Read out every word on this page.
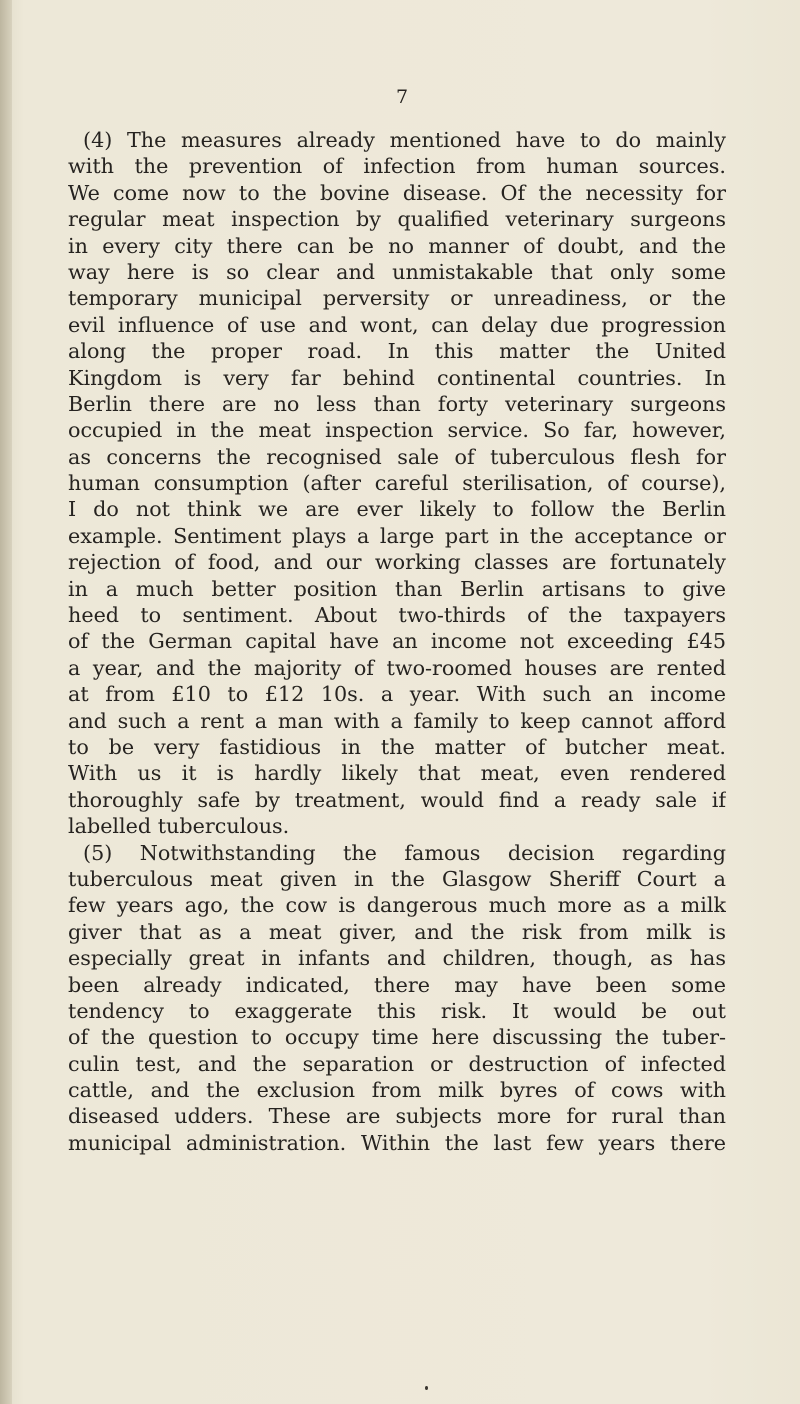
7
(4) The measures already mentioned have to do mainly
with the prevention of infection from human sources.
We come now to the bovine disease. Of the necessity for
regular meat inspection by qualified veterinary surgeons
in every city there can be no manner of doubt, and the
way here is so clear and unmistakable that only some
temporary municipal perversity or unreadiness, or the
evil influence of use and wont, can delay due progression
along the proper road. In this matter the United
Kingdom is very far behind continental countries. In
Berlin there are no less than forty veterinary surgeons
occupied in the meat inspection service. So far, however,
as concerns the recognised sale of tuberculous flesh for
human consumption (after careful sterilisation, of course),
I do not think we are ever likely to follow the Berlin
example. Sentiment plays a large part in the acceptance or
rejection of food, and our working classes are fortunately
in a much better position than Berlin artisans to give
heed to sentiment. About two-thirds of the taxpayers
of the German capital have an income not exceeding £45
a year, and the majority of two-roomed houses are rented
at from £10 to £12 10s. a year. With such an income
and such a rent a man with a family to keep cannot afford
to be very fastidious in the matter of butcher meat.
With us it is hardly likely that meat, even rendered
thoroughly safe by treatment, would find a ready sale if
labelled tuberculous.
(5) Notwithstanding the famous decision regarding
tuberculous meat given in the Glasgow Sheriff Court a
few years ago, the cow is dangerous much more as a milk
giver that as a meat giver, and the risk from milk is
especially great in infants and children, though, as has
been already indicated, there may have been some
tendency to exaggerate this risk. It would be out
of the question to occupy time here discussing the tuber-
culin test, and the separation or destruction of infected
cattle, and the exclusion from milk byres of cows with
diseased udders. These are subjects more for rural than
municipal administration. Within the last few years there
